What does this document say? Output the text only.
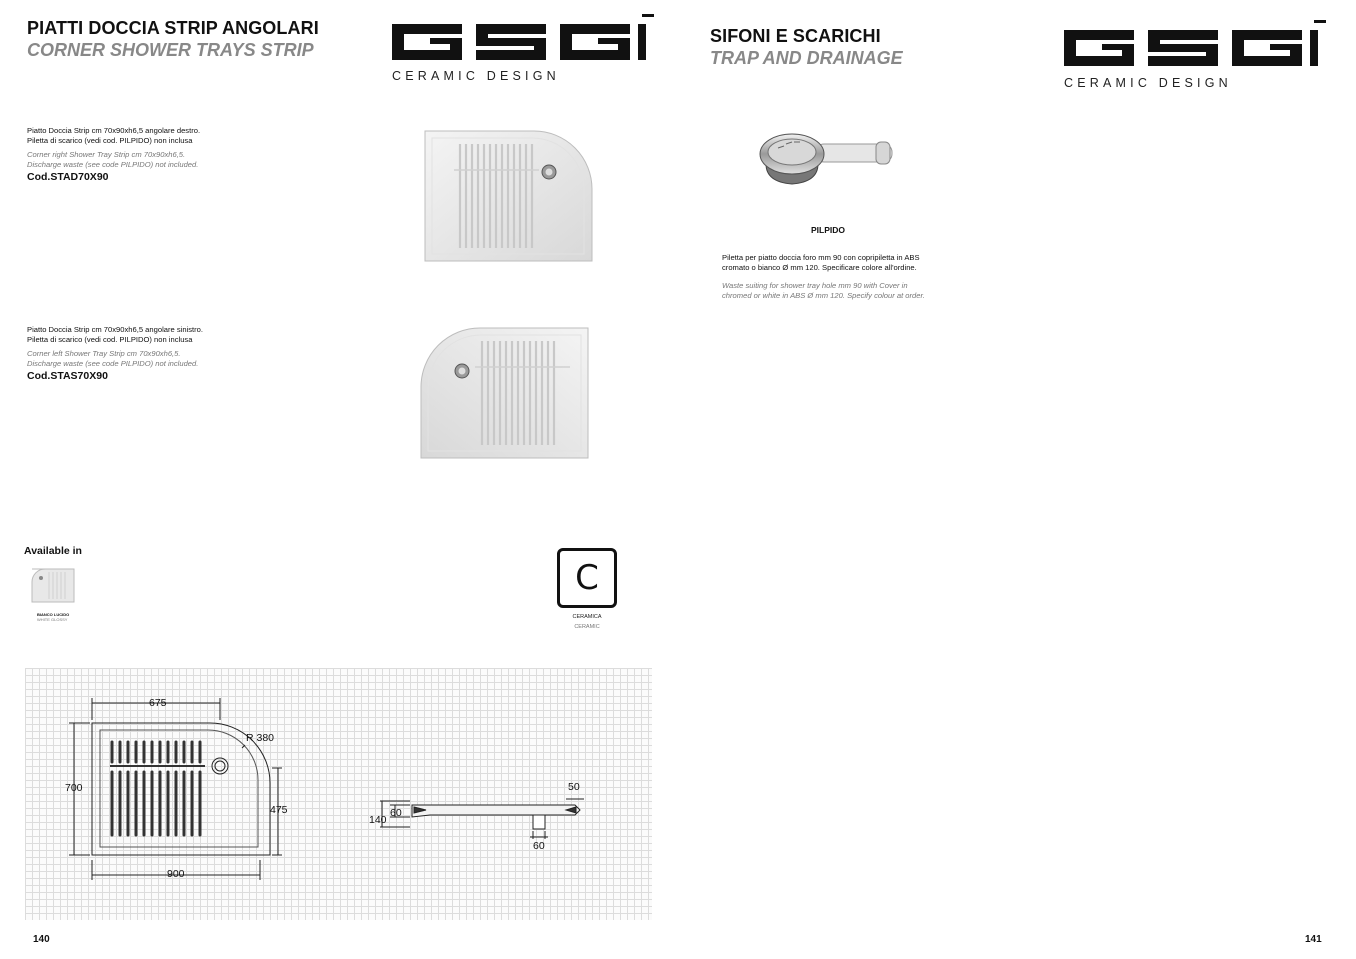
PIATTI DOCCIA STRIP ANGOLARI
CORNER SHOWER TRAYS STRIP
CERAMIC DESIGN
Piatto Doccia Strip cm 70x90xh6,5 angolare destro.
Piletta di scarico (vedi cod. PILPIDO) non inclusa
Corner right Shower Tray Strip cm 70x90xh6,5.
Discharge waste (see code PILPIDO) not included.
Cod.STAD70X90
Piatto Doccia Strip cm 70x90xh6,5 angolare sinistro.
Piletta di scarico (vedi cod. PILPIDO) non inclusa
Corner left Shower Tray Strip cm 70x90xh6,5.
Discharge waste (see code PILPIDO) not included.
Cod.STAS70X90
Available in
BIANCO LUCIDO
WHITE GLOSSY
C
CERAMICA
CERAMIC
675
R 380
700
475
900
50
60
140
60
140
SIFONI E SCARICHI
TRAP AND DRAINAGE
CERAMIC DESIGN
PILPIDO
Piletta per piatto doccia foro mm 90 con copripiletta in ABS
cromato o bianco Ø mm 120. Specificare colore all'ordine.
Waste suiting for shower tray hole mm 90 with Cover in
chromed or white in ABS Ø mm 120. Specify colour at order.
141
